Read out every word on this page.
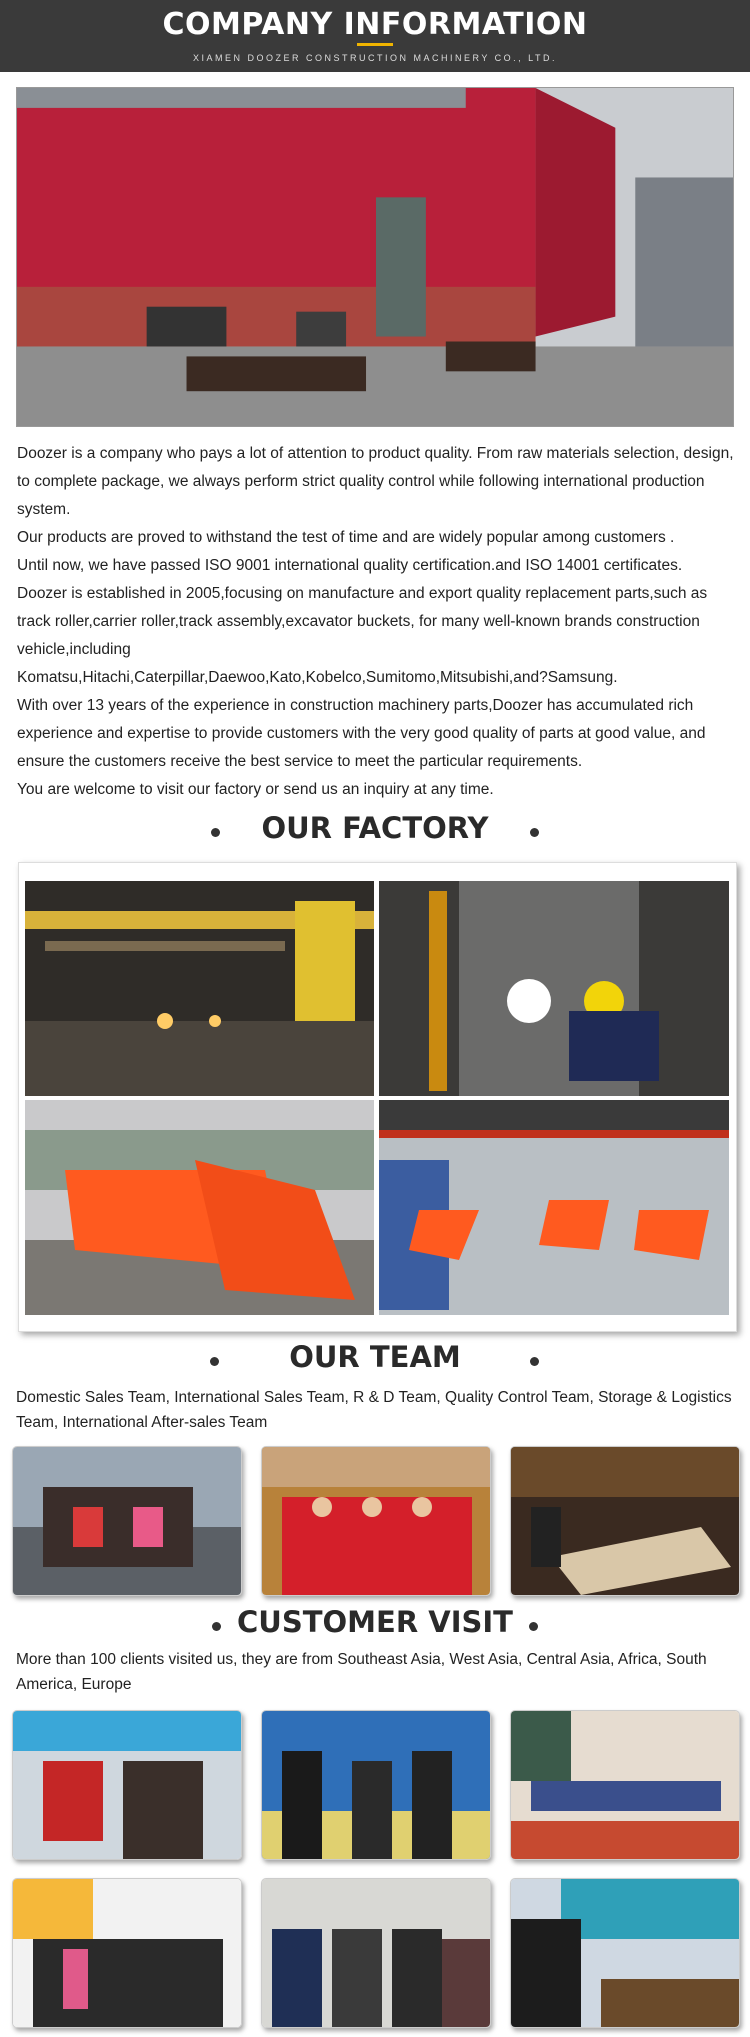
COMPANY INFORMATION
XIAMEN DOOZER CONSTRUCTION MACHINERY CO., LTD.

Doozer is a company who pays a lot of attention to product quality. From raw materials selection, design, to complete package, we always perform strict quality control while following international production system.

Our products are proved to withstand the test of time and are widely popular among customers .

Until now, we have passed ISO 9001 international quality certification.and ISO 14001 certificates.

Doozer is established in 2005,focusing on manufacture and export quality replacement parts,such as track roller,carrier roller,track assembly,excavator buckets, for many well-known brands construction vehicle,including

Komatsu,Hitachi,Caterpillar,Daewoo,Kato,Kobelco,Sumitomo,Mitsubishi,and?Samsung.

With over 13 years of the experience in construction machinery parts,Doozer has accumulated rich experience and expertise to provide customers with the very good quality of parts at good value, and ensure the customers receive the best service to meet the particular requirements.

You are welcome to visit our factory or send us an inquiry at any time.

OUR FACTORY
OUR TEAM
Domestic Sales Team, International Sales Team, R & D Team, Quality Control Team, Storage & Logistics Team, International After-sales Team
CUSTOMER VISIT
More than 100 clients visited us, they are from Southeast Asia, West Asia, Central Asia, Africa, South America, Europe
